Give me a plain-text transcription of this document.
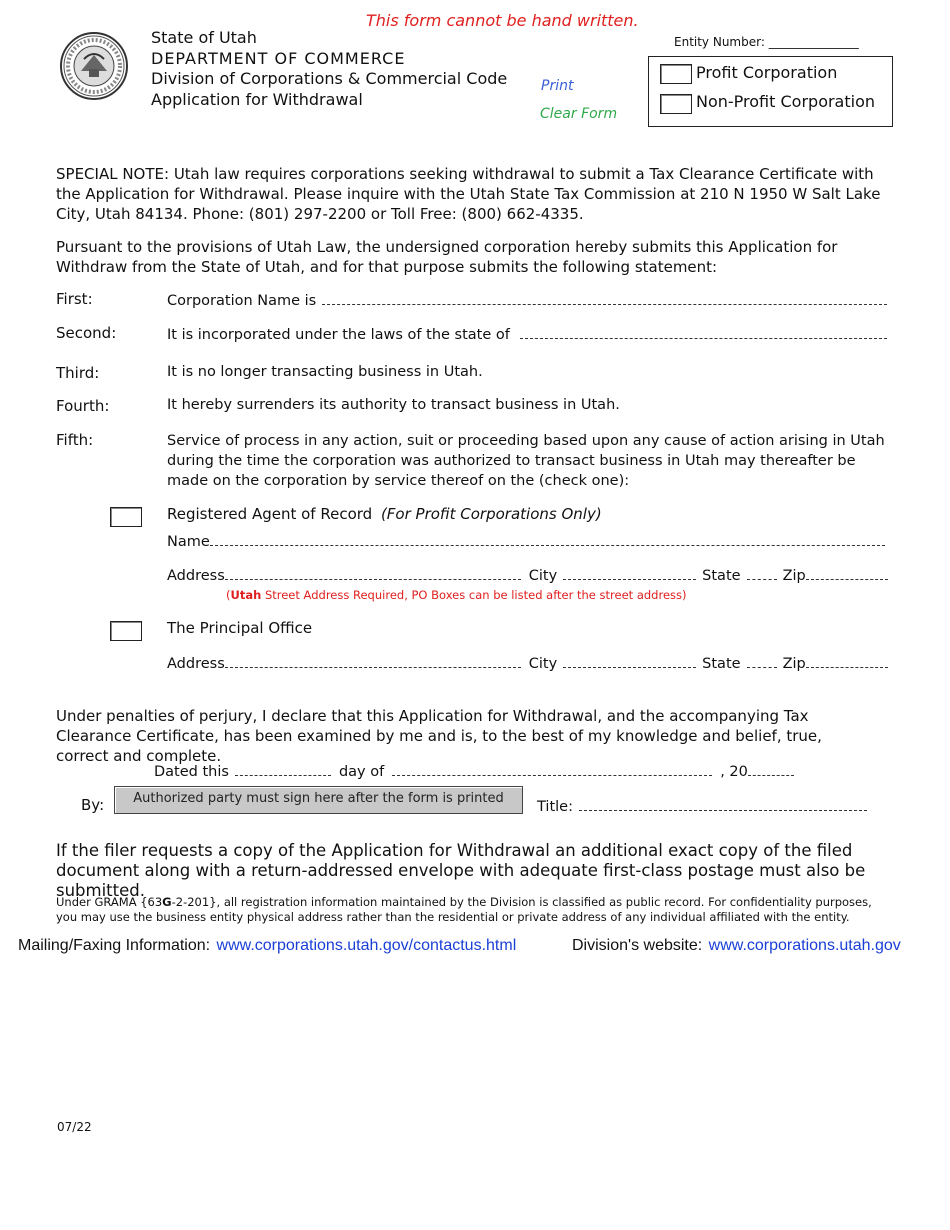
This form cannot be hand written.
State of Utah
DEPARTMENT OF COMMERCE
Division of Corporations & Commercial Code
Application for Withdrawal
Print
Clear Form
Entity Number: _______________
Profit Corporation
Non-Profit Corporation
SPECIAL NOTE: Utah law requires corporations seeking withdrawal to submit a Tax Clearance Certificate with the Application for Withdrawal. Please inquire with the Utah State Tax Commission at 210 N 1950 W Salt Lake City, Utah 84134. Phone: (801) 297-2200 or Toll Free: (800) 662-4335.
Pursuant to the provisions of Utah Law, the undersigned corporation hereby submits this Application for Withdraw from the State of Utah, and for that purpose submits the following statement:
First:	Corporation Name is
Second:	It is incorporated under the laws of the state of
Third:	It is no longer transacting business in Utah.
Fourth:	It hereby surrenders its authority to transact business in Utah.
Fifth:	Service of process in any action, suit or proceeding based upon any cause of action arising in Utah during the time the corporation was authorized to transact business in Utah may thereafter be made on the corporation by service thereof on the (check one):
Registered Agent of Record (For Profit Corporations Only)
Name
Address	City	State	Zip
(Utah Street Address Required, PO Boxes can be listed after the street address)
The Principal Office
Address	City	State	Zip
Under penalties of perjury, I declare that this Application for Withdrawal, and the accompanying Tax Clearance Certificate, has been examined by me and is, to the best of my knowledge and belief, true, correct and complete.
Dated this	day of	, 20
By:	Authorized party must sign here after the form is printed
Title:
If the filer requests a copy of the Application for Withdrawal an additional exact copy of the filed document along with a return-addressed envelope with adequate first-class postage must also be submitted.
Under GRAMA {63G-2-201}, all registration information maintained by the Division is classified as public record. For confidentiality purposes, you may use the business entity physical address rather than the residential or private address of any individual affiliated with the entity.
Mailing/Faxing Information: www.corporations.utah.gov/contactus.html	Division's website: www.corporations.utah.gov
07/22
